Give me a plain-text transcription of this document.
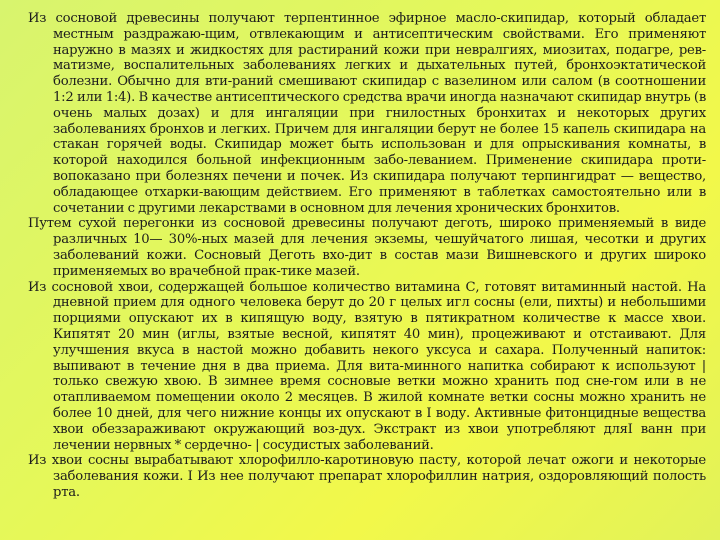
Из сосновой древесины получают терпентинное эфирное масло-скипидар, который обладает местным раздражаю-щим, отвлекающим и антисептическим свойствами. Его применяют наружно в мазях и жидкостях для растираний кожи при невралгиях, миозитах, подагре, рев-матизме, воспалительных заболеваниях легких и дыхательных путей, бронхоэктатической болезни. Обычно для вти-раний смешивают скипидар с вазелином или салом (в соотношении 1:2 или 1:4). В качестве антисептического средства врачи иногда назначают скипидар внутрь (в очень малых дозах) и для ингаляции при гнилостных бронхитах и некоторых других заболеваниях бронхов и легких. Причем для ингаляции берут не более 15 капель скипидара на стакан горячей воды. Скипидар может быть использован и для опрыскивания комнаты, в которой находился больной инфекционным забо-леванием. Применение скипидара проти-вопоказано при болезнях печени и почек. Из скипидара получают терпингидрат — вещество, обладающее отхарки-вающим действием. Его применяют в таблетках самостоятельно или в сочетании с другими лекарствами в основном для лечения хронических бронхитов.

Путем сухой перегонки из сосновой древесины получают деготь, широко применяемый в виде различных 10— 30%-ных мазей для лечения экземы, чешуйчатого лишая, чесотки и других заболеваний кожи. Сосновый Деготь вхо-дит в состав мази Вишневского и других широко применяемых во врачебной прак-тике мазей.

Из сосновой хвои, содержащей большое количество витамина С, готовят витаминный настой. На дневной прием для одного человека берут до 20 г целых игл сосны (ели, пихты) и небольшими порциями опускают их в кипящую воду, взятую в пятикратном количестве к массе хвои. Кипятят 20 мин (иглы, взятые весной, кипятят 40 мин), процеживают и отстаивают. Для улучшения вкуса в настой можно добавить некого уксуса и сахара. Полученный напиток: выпивают в течение дня в два приема. Для вита-минного напитка собирают к используют | только свежую хвою. В зимнее время сосновые ветки можно хранить под сне-гом или в не отапливаемом помещении около 2 месяцев. В жилой комнате ветки сосны можно хранить не более 10 дней, для чего нижние концы их опускают в I воду. Активные фитонцидные вещества хвои обеззараживают окружающий воз-дух. Экстракт из хвои употребляют дляI ванн при лечении нервных * сердечно- | сосудистых заболеваний.

Из хвои сосны вырабатывают хлорофилло-каротиновую пасту, которой лечат ожоги и некоторые заболевания кожи. I Из нее получают препарат хлорофиллин натрия, оздоровляющий полость рта.
